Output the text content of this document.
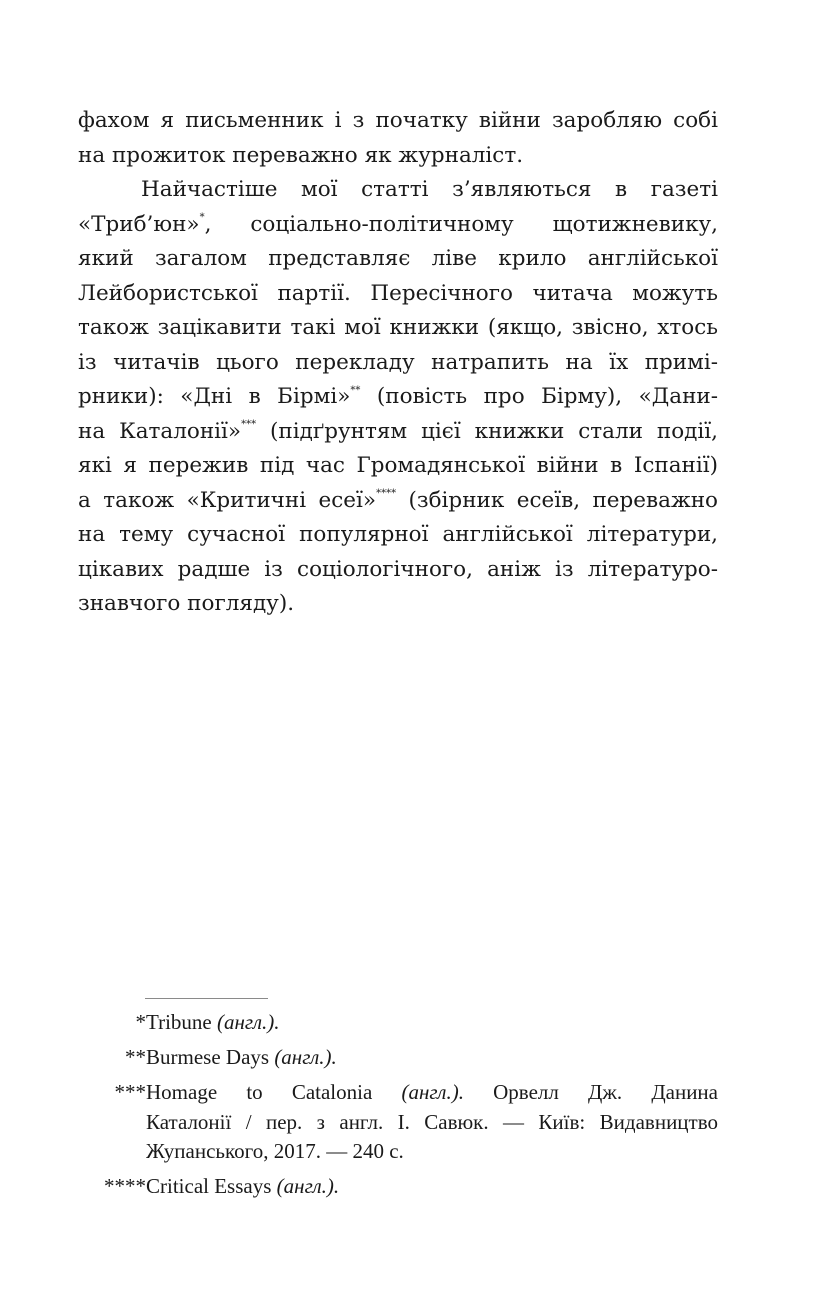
фахом я письменник і з початку війни заробляю собі
на прожиток переважно як журналіст.
Найчастіше мої статті з’являються в газеті
«Триб’юн»*, соціально-політичному щотижневику,
який загалом представляє ліве крило англійської
Лейбористської партії. Пересічного читача можуть
також зацікавити такі мої книжки (якщо, звісно, хтось
із читачів цього перекладу натрапить на їх примі-
рники): «Дні в Бірмі»** (повість про Бірму), «Дани-
на Каталонії»*** (підґрунтям цієї книжки стали події,
які я пережив під час Громадянської війни в Іспанії)
а також «Критичні есеї»**** (збірник есеїв, переважно
на тему сучасної популярної англійської літератури,
цікавих радше із соціологічного, аніж із літературо-
знавчого погляду).
* Tribune (англ.).
** Burmese Days (англ.).
*** Homage to Catalonia (англ.). Орвелл Дж. Данина
Каталонії / пер. з англ. І. Савюк. — Київ: Видавництво
Жупанського, 2017. — 240 с.
**** Critical Essays (англ.).
